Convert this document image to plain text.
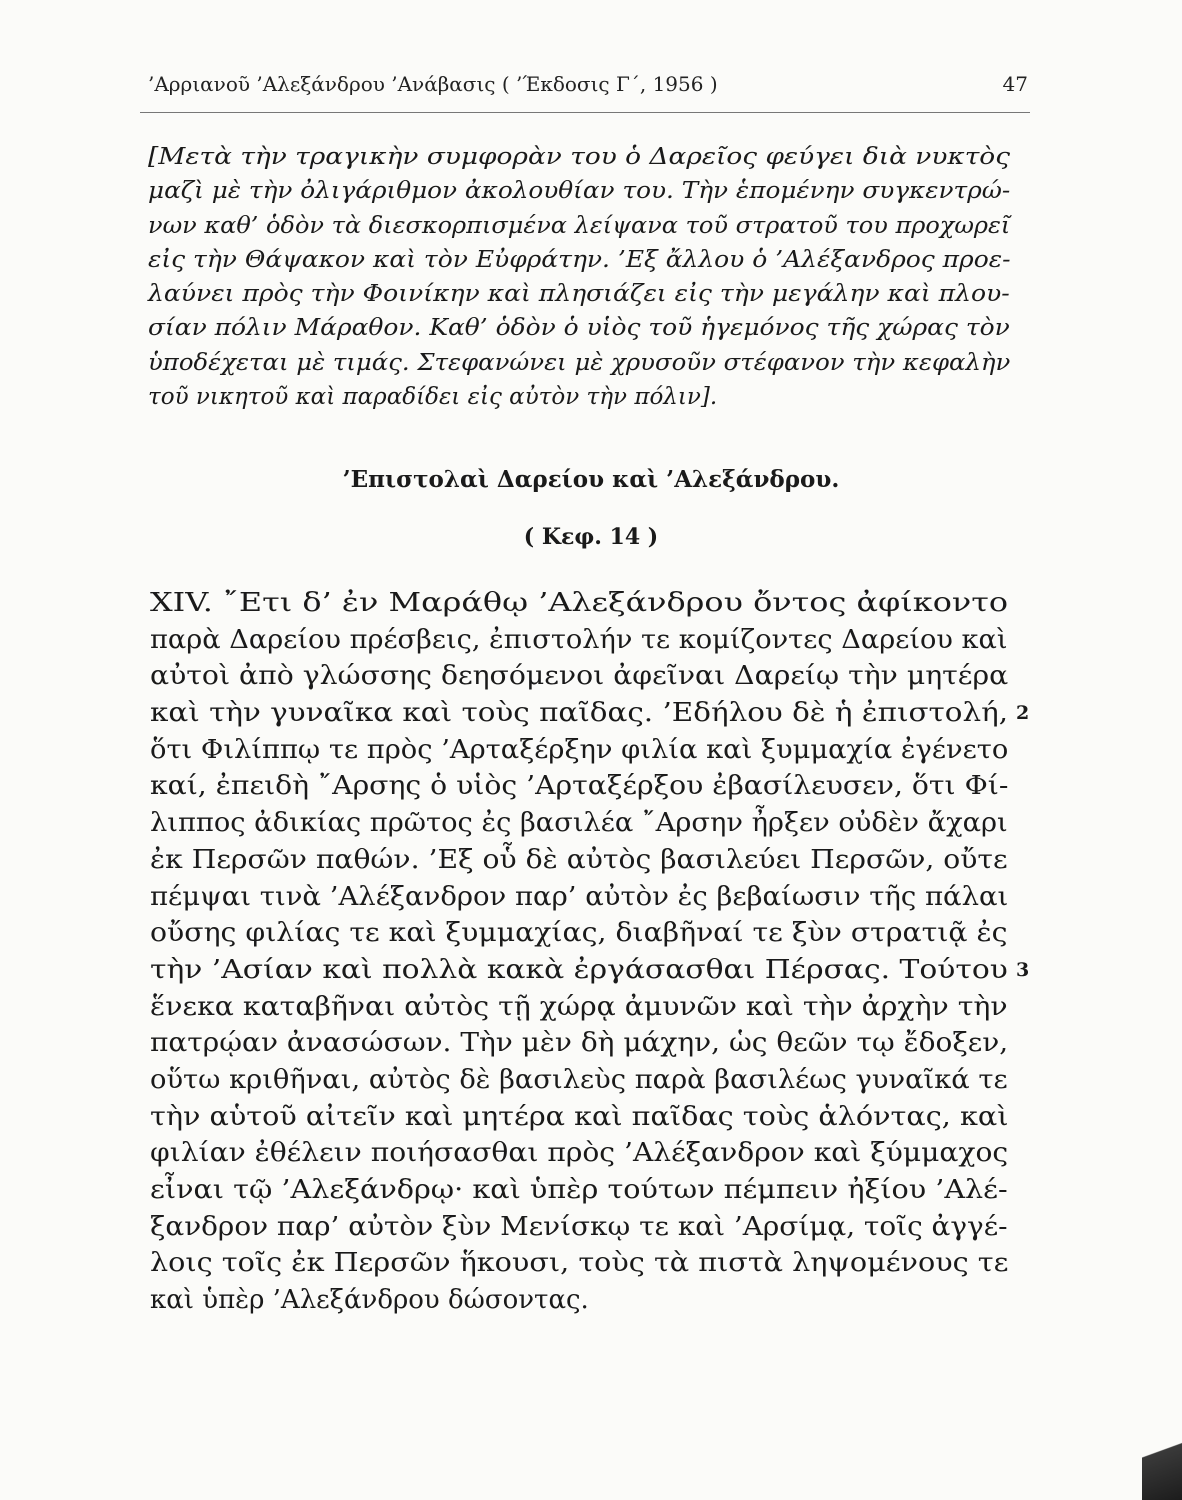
’Αρριανοῦ ’Αλεξάνδρου ’Ανάβασις ( ’Έκδοσις Γ΄, 1956 )	47
[Μετὰ τὴν τραγικὴν συμφορὰν του ὁ Δαρεῖος φεύγει διὰ νυκτὸς μαζὶ μὲ τὴν ὀλιγάριθμον ἀκολουθίαν του. Τὴν ἑπομένην συγκεντρώ- νων καθ’ ὁδὸν τὰ διεσκορπισμένα λείψανα τοῦ στρατοῦ του προχωρεῖ εἰς τὴν Θάψακον καὶ τὸν Εὐφράτην. ’Εξ ἄλλου ὁ ’Αλέξανδρος προε- λαύνει πρὸς τὴν Φοινίκην καὶ πλησιάζει εἰς τὴν μεγάλην καὶ πλου- σίαν πόλιν Μάραθον. Καθ’ ὁδὸν ὁ υἱὸς τοῦ ἡγεμόνος τῆς χώρας τὸν ὑποδέχεται μὲ τιμάς. Στεφανώνει μὲ χρυσοῦν στέφανον τὴν κεφαλὴν τοῦ νικητοῦ καὶ παραδίδει εἰς αὐτὸν τὴν πόλιν].
’Επιστολαὶ Δαρείου καὶ ’Αλεξάνδρου.
( Κεφ. 14 )
XIV. ῎Ετι δ’ ἐν Μαράθῳ ’Αλεξάνδρου ὄντος ἀφίκοντο
παρὰ Δαρείου πρέσβεις, ἐπιστολήν τε κομίζοντες Δαρείου καὶ
αὐτοὶ ἀπὸ γλώσσης δεησόμενοι ἀφεῖναι Δαρείῳ τὴν μητέρα
καὶ τὴν γυναῖκα καὶ τοὺς παῖδας. ’Εδήλου δὲ ἡ ἐπιστολή, 2
ὅτι Φιλίππῳ τε πρὸς ’Αρταξέρξην φιλία καὶ ξυμμαχία ἐγένετο
καί, ἐπειδὴ ῎Αρσης ὁ υἱὸς ’Αρταξέρξου ἐβασίλευσεν, ὅτι Φί-
λιππος ἀδικίας πρῶτος ἐς βασιλέα ῎Αρσην ἦρξεν οὐδὲν ἄχαρι
ἐκ Περσῶν παθών. ’Εξ οὗ δὲ αὐτὸς βασιλεύει Περσῶν, οὔτε
πέμψαι τινὰ ’Αλέξανδρον παρ’ αὐτὸν ἐς βεβαίωσιν τῆς πάλαι
οὔσης φιλίας τε καὶ ξυμμαχίας, διαβῆναί τε ξὺν στρατιᾷ ἐς
τὴν ’Ασίαν καὶ πολλὰ κακὰ ἐργάσασθαι Πέρσας. Τούτου 3
ἕνεκα καταβῆναι αὐτὸς τῇ χώρᾳ ἀμυνῶν καὶ τὴν ἀρχὴν τὴν
πατρῴαν ἀνασώσων. Τὴν μὲν δὴ μάχην, ὡς θεῶν τῳ ἔδοξεν,
οὕτω κριθῆναι, αὐτὸς δὲ βασιλεὺς παρὰ βασιλέως γυναῖκά τε
τὴν αὑτοῦ αἰτεῖν καὶ μητέρα καὶ παῖδας τοὺς ἁλόντας, καὶ
φιλίαν ἐθέλειν ποιήσασθαι πρὸς ’Αλέξανδρον καὶ ξύμμαχος
εἶναι τῷ ’Αλεξάνδρῳ· καὶ ὑπὲρ τούτων πέμπειν ἠξίου ’Αλέ-
ξανδρον παρ’ αὐτὸν ξὺν Μενίσκῳ τε καὶ ’Αρσίμᾳ, τοῖς ἀγγέ-
λοις τοῖς ἐκ Περσῶν ἥκουσι, τοὺς τὰ πιστὰ ληψομένους τε
καὶ ὑπὲρ ’Αλεξάνδρου δώσοντας.
